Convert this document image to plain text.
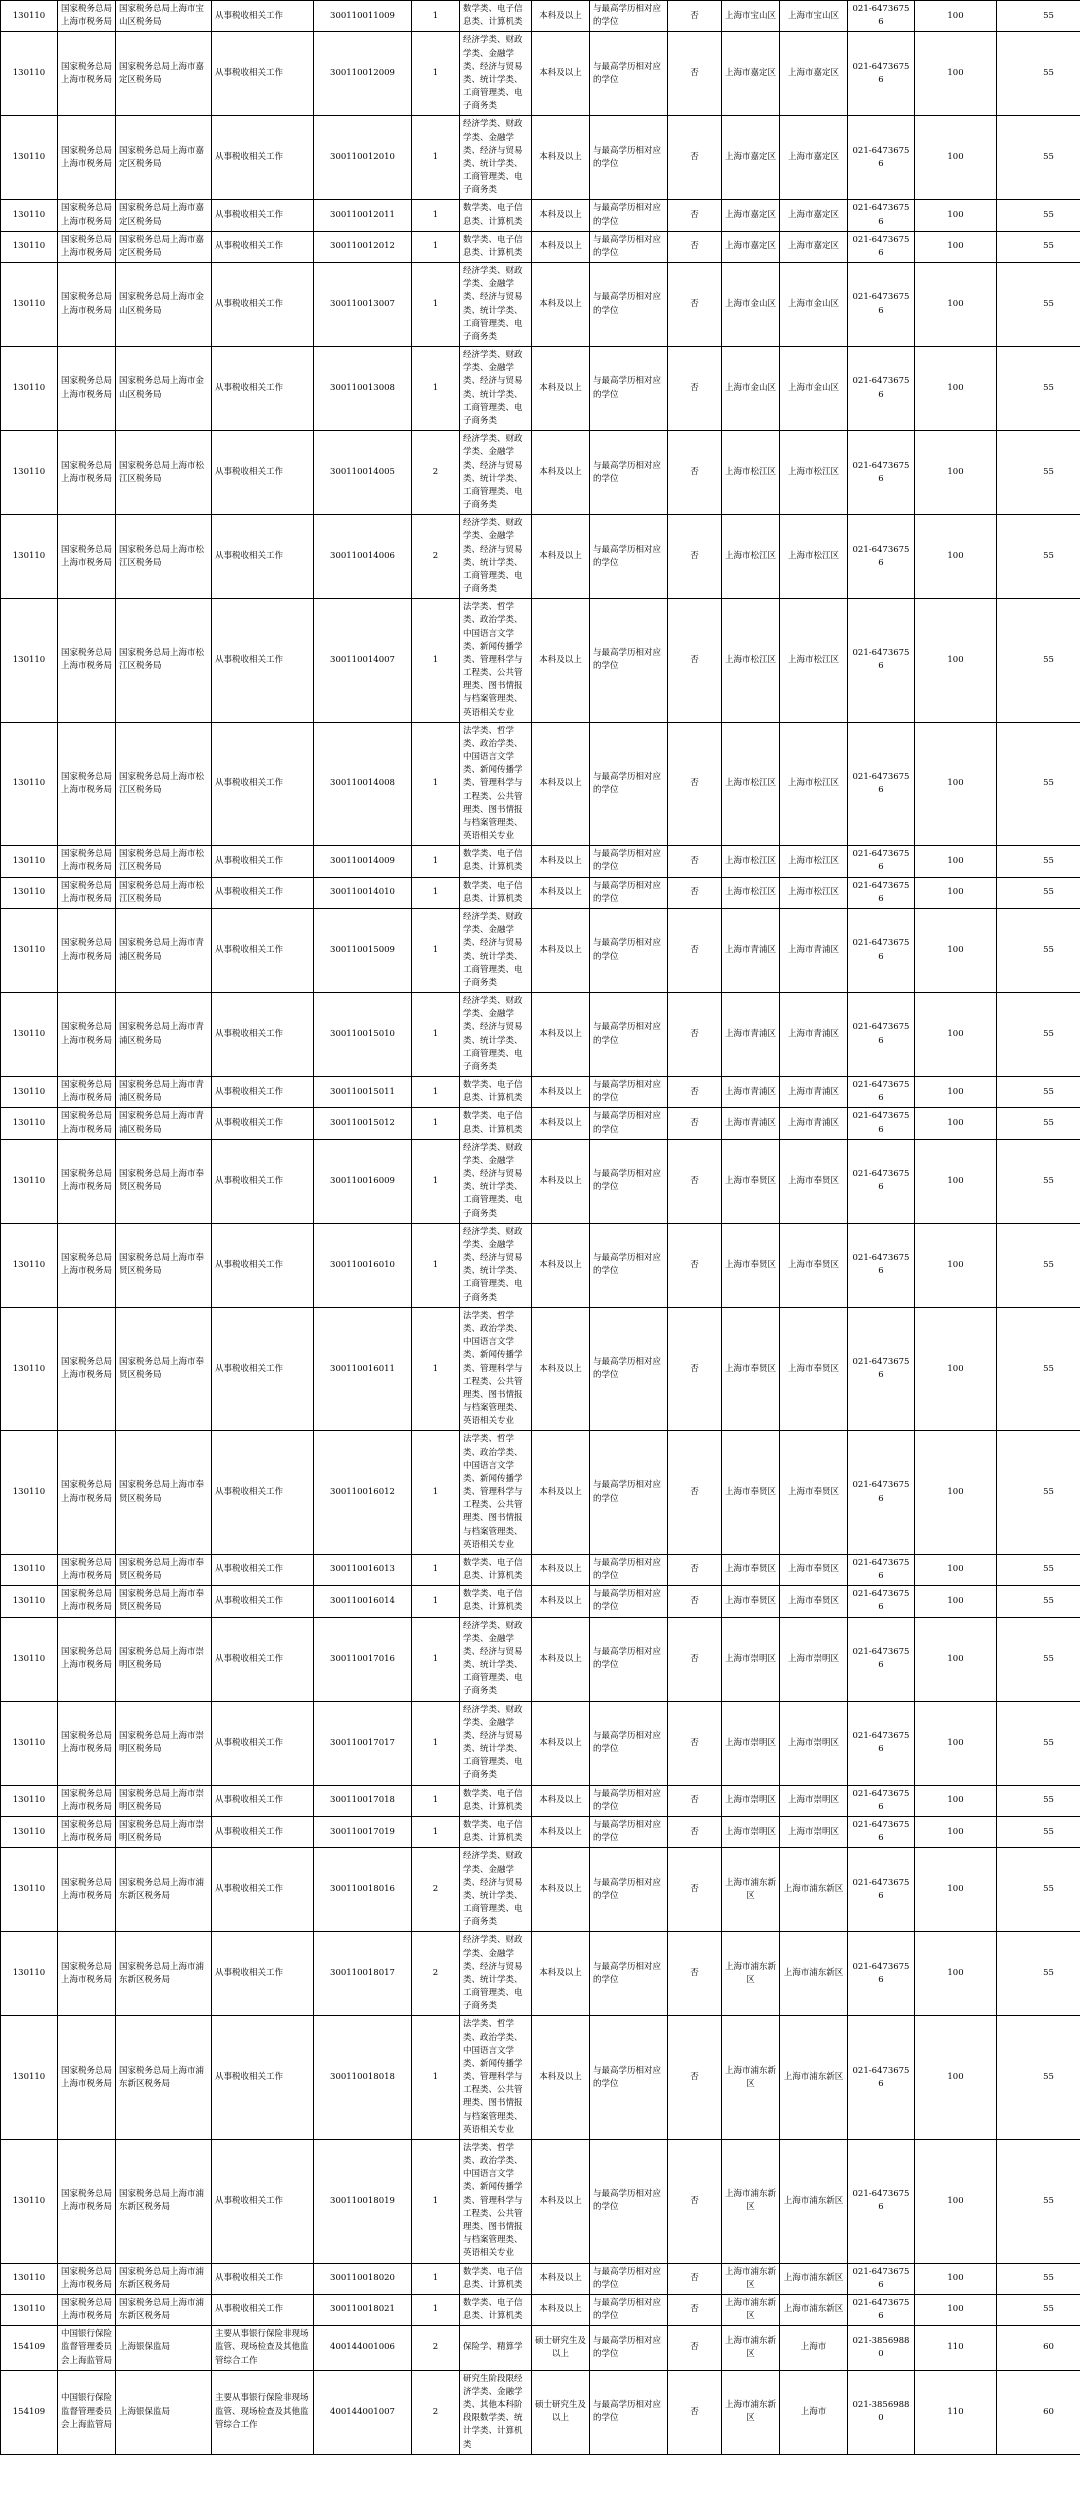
130110	国家税务总局上海市税务局	国家税务总局上海市宝山区税务局	从事税收相关工作	300110011009	1	数学类、电子信息类、计算机类	本科及以上	与最高学历相对应的学位	否	上海市宝山区	上海市宝山区	021-64736756	100	55
130110	国家税务总局上海市税务局	国家税务总局上海市嘉定区税务局	从事税收相关工作	300110012009	1	经济学类、财政学类、金融学类、经济与贸易类、统计学类、工商管理类、电子商务类	本科及以上	与最高学历相对应的学位	否	上海市嘉定区	上海市嘉定区	021-64736756	100	55
130110	国家税务总局上海市税务局	国家税务总局上海市嘉定区税务局	从事税收相关工作	300110012010	1	经济学类、财政学类、金融学类、经济与贸易类、统计学类、工商管理类、电子商务类	本科及以上	与最高学历相对应的学位	否	上海市嘉定区	上海市嘉定区	021-64736756	100	55
130110	国家税务总局上海市税务局	国家税务总局上海市嘉定区税务局	从事税收相关工作	300110012011	1	数学类、电子信息类、计算机类	本科及以上	与最高学历相对应的学位	否	上海市嘉定区	上海市嘉定区	021-64736756	100	55
130110	国家税务总局上海市税务局	国家税务总局上海市嘉定区税务局	从事税收相关工作	300110012012	1	数学类、电子信息类、计算机类	本科及以上	与最高学历相对应的学位	否	上海市嘉定区	上海市嘉定区	021-64736756	100	55
130110	国家税务总局上海市税务局	国家税务总局上海市金山区税务局	从事税收相关工作	300110013007	1	经济学类、财政学类、金融学类、经济与贸易类、统计学类、工商管理类、电子商务类	本科及以上	与最高学历相对应的学位	否	上海市金山区	上海市金山区	021-64736756	100	55
130110	国家税务总局上海市税务局	国家税务总局上海市金山区税务局	从事税收相关工作	300110013008	1	经济学类、财政学类、金融学类、经济与贸易类、统计学类、工商管理类、电子商务类	本科及以上	与最高学历相对应的学位	否	上海市金山区	上海市金山区	021-64736756	100	55
130110	国家税务总局上海市税务局	国家税务总局上海市松江区税务局	从事税收相关工作	300110014005	2	经济学类、财政学类、金融学类、经济与贸易类、统计学类、工商管理类、电子商务类	本科及以上	与最高学历相对应的学位	否	上海市松江区	上海市松江区	021-64736756	100	55
130110	国家税务总局上海市税务局	国家税务总局上海市松江区税务局	从事税收相关工作	300110014006	2	经济学类、财政学类、金融学类、经济与贸易类、统计学类、工商管理类、电子商务类	本科及以上	与最高学历相对应的学位	否	上海市松江区	上海市松江区	021-64736756	100	55
130110	国家税务总局上海市税务局	国家税务总局上海市松江区税务局	从事税收相关工作	300110014007	1	法学类、哲学类、政治学类、中国语言文学类、新闻传播学类、管理科学与工程类、公共管理类、图书情报与档案管理类、英语相关专业	本科及以上	与最高学历相对应的学位	否	上海市松江区	上海市松江区	021-64736756	100	55
130110	国家税务总局上海市税务局	国家税务总局上海市松江区税务局	从事税收相关工作	300110014008	1	法学类、哲学类、政治学类、中国语言文学类、新闻传播学类、管理科学与工程类、公共管理类、图书情报与档案管理类、英语相关专业	本科及以上	与最高学历相对应的学位	否	上海市松江区	上海市松江区	021-64736756	100	55
130110	国家税务总局上海市税务局	国家税务总局上海市松江区税务局	从事税收相关工作	300110014009	1	数学类、电子信息类、计算机类	本科及以上	与最高学历相对应的学位	否	上海市松江区	上海市松江区	021-64736756	100	55
130110	国家税务总局上海市税务局	国家税务总局上海市松江区税务局	从事税收相关工作	300110014010	1	数学类、电子信息类、计算机类	本科及以上	与最高学历相对应的学位	否	上海市松江区	上海市松江区	021-64736756	100	55
130110	国家税务总局上海市税务局	国家税务总局上海市青浦区税务局	从事税收相关工作	300110015009	1	经济学类、财政学类、金融学类、经济与贸易类、统计学类、工商管理类、电子商务类	本科及以上	与最高学历相对应的学位	否	上海市青浦区	上海市青浦区	021-64736756	100	55
130110	国家税务总局上海市税务局	国家税务总局上海市青浦区税务局	从事税收相关工作	300110015010	1	经济学类、财政学类、金融学类、经济与贸易类、统计学类、工商管理类、电子商务类	本科及以上	与最高学历相对应的学位	否	上海市青浦区	上海市青浦区	021-64736756	100	55
130110	国家税务总局上海市税务局	国家税务总局上海市青浦区税务局	从事税收相关工作	300110015011	1	数学类、电子信息类、计算机类	本科及以上	与最高学历相对应的学位	否	上海市青浦区	上海市青浦区	021-64736756	100	55
130110	国家税务总局上海市税务局	国家税务总局上海市青浦区税务局	从事税收相关工作	300110015012	1	数学类、电子信息类、计算机类	本科及以上	与最高学历相对应的学位	否	上海市青浦区	上海市青浦区	021-64736756	100	55
130110	国家税务总局上海市税务局	国家税务总局上海市奉贤区税务局	从事税收相关工作	300110016009	1	经济学类、财政学类、金融学类、经济与贸易类、统计学类、工商管理类、电子商务类	本科及以上	与最高学历相对应的学位	否	上海市奉贤区	上海市奉贤区	021-64736756	100	55
130110	国家税务总局上海市税务局	国家税务总局上海市奉贤区税务局	从事税收相关工作	300110016010	1	经济学类、财政学类、金融学类、经济与贸易类、统计学类、工商管理类、电子商务类	本科及以上	与最高学历相对应的学位	否	上海市奉贤区	上海市奉贤区	021-64736756	100	55
130110	国家税务总局上海市税务局	国家税务总局上海市奉贤区税务局	从事税收相关工作	300110016011	1	法学类、哲学类、政治学类、中国语言文学类、新闻传播学类、管理科学与工程类、公共管理类、图书情报与档案管理类、英语相关专业	本科及以上	与最高学历相对应的学位	否	上海市奉贤区	上海市奉贤区	021-64736756	100	55
130110	国家税务总局上海市税务局	国家税务总局上海市奉贤区税务局	从事税收相关工作	300110016012	1	法学类、哲学类、政治学类、中国语言文学类、新闻传播学类、管理科学与工程类、公共管理类、图书情报与档案管理类、英语相关专业	本科及以上	与最高学历相对应的学位	否	上海市奉贤区	上海市奉贤区	021-64736756	100	55
130110	国家税务总局上海市税务局	国家税务总局上海市奉贤区税务局	从事税收相关工作	300110016013	1	数学类、电子信息类、计算机类	本科及以上	与最高学历相对应的学位	否	上海市奉贤区	上海市奉贤区	021-64736756	100	55
130110	国家税务总局上海市税务局	国家税务总局上海市奉贤区税务局	从事税收相关工作	300110016014	1	数学类、电子信息类、计算机类	本科及以上	与最高学历相对应的学位	否	上海市奉贤区	上海市奉贤区	021-64736756	100	55
130110	国家税务总局上海市税务局	国家税务总局上海市崇明区税务局	从事税收相关工作	300110017016	1	经济学类、财政学类、金融学类、经济与贸易类、统计学类、工商管理类、电子商务类	本科及以上	与最高学历相对应的学位	否	上海市崇明区	上海市崇明区	021-64736756	100	55
130110	国家税务总局上海市税务局	国家税务总局上海市崇明区税务局	从事税收相关工作	300110017017	1	经济学类、财政学类、金融学类、经济与贸易类、统计学类、工商管理类、电子商务类	本科及以上	与最高学历相对应的学位	否	上海市崇明区	上海市崇明区	021-64736756	100	55
130110	国家税务总局上海市税务局	国家税务总局上海市崇明区税务局	从事税收相关工作	300110017018	1	数学类、电子信息类、计算机类	本科及以上	与最高学历相对应的学位	否	上海市崇明区	上海市崇明区	021-64736756	100	55
130110	国家税务总局上海市税务局	国家税务总局上海市崇明区税务局	从事税收相关工作	300110017019	1	数学类、电子信息类、计算机类	本科及以上	与最高学历相对应的学位	否	上海市崇明区	上海市崇明区	021-64736756	100	55
130110	国家税务总局上海市税务局	国家税务总局上海市浦东新区税务局	从事税收相关工作	300110018016	2	经济学类、财政学类、金融学类、经济与贸易类、统计学类、工商管理类、电子商务类	本科及以上	与最高学历相对应的学位	否	上海市浦东新区	上海市浦东新区	021-64736756	100	55
130110	国家税务总局上海市税务局	国家税务总局上海市浦东新区税务局	从事税收相关工作	300110018017	2	经济学类、财政学类、金融学类、经济与贸易类、统计学类、工商管理类、电子商务类	本科及以上	与最高学历相对应的学位	否	上海市浦东新区	上海市浦东新区	021-64736756	100	55
130110	国家税务总局上海市税务局	国家税务总局上海市浦东新区税务局	从事税收相关工作	300110018018	1	法学类、哲学类、政治学类、中国语言文学类、新闻传播学类、管理科学与工程类、公共管理类、图书情报与档案管理类、英语相关专业	本科及以上	与最高学历相对应的学位	否	上海市浦东新区	上海市浦东新区	021-64736756	100	55
130110	国家税务总局上海市税务局	国家税务总局上海市浦东新区税务局	从事税收相关工作	300110018019	1	法学类、哲学类、政治学类、中国语言文学类、新闻传播学类、管理科学与工程类、公共管理类、图书情报与档案管理类、英语相关专业	本科及以上	与最高学历相对应的学位	否	上海市浦东新区	上海市浦东新区	021-64736756	100	55
130110	国家税务总局上海市税务局	国家税务总局上海市浦东新区税务局	从事税收相关工作	300110018020	1	数学类、电子信息类、计算机类	本科及以上	与最高学历相对应的学位	否	上海市浦东新区	上海市浦东新区	021-64736756	100	55
130110	国家税务总局上海市税务局	国家税务总局上海市浦东新区税务局	从事税收相关工作	300110018021	1	数学类、电子信息类、计算机类	本科及以上	与最高学历相对应的学位	否	上海市浦东新区	上海市浦东新区	021-64736756	100	55
154109	中国银行保险监督管理委员会上海监管局	上海银保监局	主要从事银行保险非现场监管、现场检查及其他监管综合工作	400144001006	2	保险学、精算学	硕士研究生及以上	与最高学历相对应的学位	否	上海市浦东新区	上海市	021-38569880	110	60
154109	中国银行保险监督管理委员会上海监管局	上海银保监局	主要从事银行保险非现场监管、现场检查及其他监管综合工作	400144001007	2	研究生阶段限经济学类、金融学类、其他本科阶段限数学类、统计学类、计算机类	硕士研究生及以上	与最高学历相对应的学位	否	上海市浦东新区	上海市	021-38569880	110	60
